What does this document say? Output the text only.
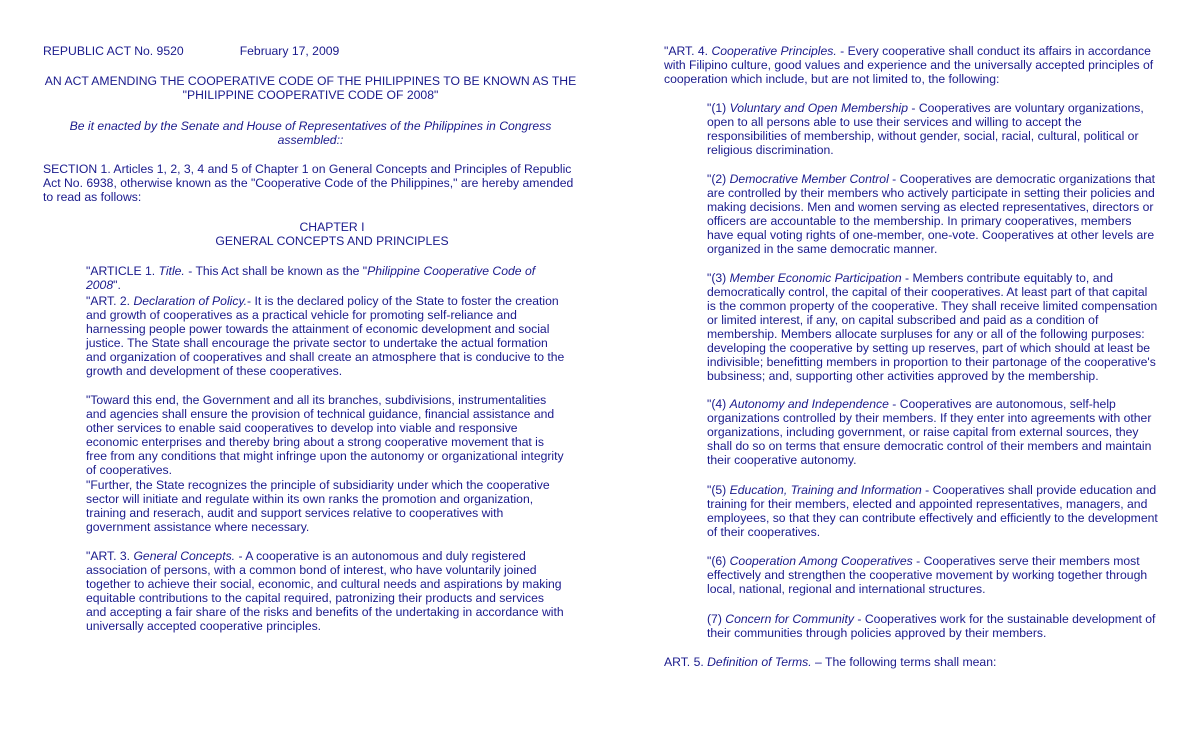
REPUBLIC ACT No. 9520	February 17, 2009

AN ACT AMENDING THE COOPERATIVE CODE OF THE PHILIPPINES TO BE KNOWN AS THE

"PHILIPPINE COOPERATIVE CODE OF 2008"

Be it enacted by the Senate and House of Representatives of the Philippines in Congress assembled::

SECTION 1. Articles 1, 2, 3, 4 and 5 of Chapter 1 on General Concepts and Principles of Republic Act No. 6938, otherwise known as the "Cooperative Code of the Philippines," are hereby amended to read as follows:

CHAPTER I

GENERAL CONCEPTS AND PRINCIPLES

"ARTICLE 1. Title. - This Act shall be known as the "Philippine Cooperative Code of 2008".

"ART. 2. Declaration of Policy.- It is the declared policy of the State to foster the creation and growth of cooperatives as a practical vehicle for promoting self-reliance and harnessing people power towards the attainment of economic development and social justice. The State shall encourage the private sector to undertake the actual formation and organization of cooperatives and shall create an atmosphere that is conducive to the growth and development of these cooperatives.

"Toward this end, the Government and all its branches, subdivisions, instrumentalities and agencies shall ensure the provision of technical guidance, financial assistance and other services to enable said cooperatives to develop into viable and responsive economic enterprises and thereby bring about a strong cooperative movement that is free from any conditions that might infringe upon the autonomy or organizational integrity of cooperatives.

"Further, the State recognizes the principle of subsidiarity under which the cooperative sector will initiate and regulate within its own ranks the promotion and organization, training and reserach, audit and support services relative to cooperatives with government assistance where necessary.

"ART. 3. General Concepts. - A cooperative is an autonomous and duly registered association of persons, with a common bond of interest, who have voluntarily joined together to achieve their social, economic, and cultural needs and aspirations by making equitable contributions to the capital required, patronizing their products and services and accepting a fair share of the risks and benefits of the undertaking in accordance with universally accepted cooperative principles.

"ART. 4. Cooperative Principles. - Every cooperative shall conduct its affairs in accordance with Filipino culture, good values and experience and the universally accepted principles of cooperation which include, but are not limited to, the following:

"(1) Voluntary and Open Membership - Cooperatives are voluntary organizations, open to all persons able to use their services and willing to accept the responsibilities of membership, without gender, social, racial, cultural, political or religious discrimination.

"(2) Democrative Member Control - Cooperatives are democratic organizations that are controlled by their members who actively participate in setting their policies and making decisions. Men and women serving as elected representatives, directors or officers are accountable to the membership. In primary cooperatives, members have equal voting rights of one-member, one-vote. Cooperatives at other levels are organized in the same democratic manner.

"(3) Member Economic Participation - Members contribute equitably to, and democratically control, the capital of their cooperatives. At least part of that capital is the common property of the cooperative. They shall receive limited compensation or limited interest, if any, on capital subscribed and paid as a condition of membership. Members allocate surpluses for any or all of the following purposes: developing the cooperative by setting up reserves, part of which should at least be indivisible; benefitting members in proportion to their partonage of the cooperative's bubsiness; and, supporting other activities approved by the membership.

"(4) Autonomy and Independence - Cooperatives are autonomous, self-help organizations controlled by their members. If they enter into agreements with other organizations, including government, or raise capital from external sources, they shall do so on terms that ensure democratic control of their members and maintain their cooperative autonomy.

"(5) Education, Training and Information - Cooperatives shall provide education and training for their members, elected and appointed representatives, managers, and employees, so that they can contribute effectively and efficiently to the development of their cooperatives.

"(6) Cooperation Among Cooperatives - Cooperatives serve their members most effectively and strengthen the cooperative movement by working together through local, national, regional and international structures.

(7) Concern for Community - Cooperatives work for the sustainable development of their communities through policies approved by their members.

ART. 5. Definition of Terms. – The following terms shall mean:
